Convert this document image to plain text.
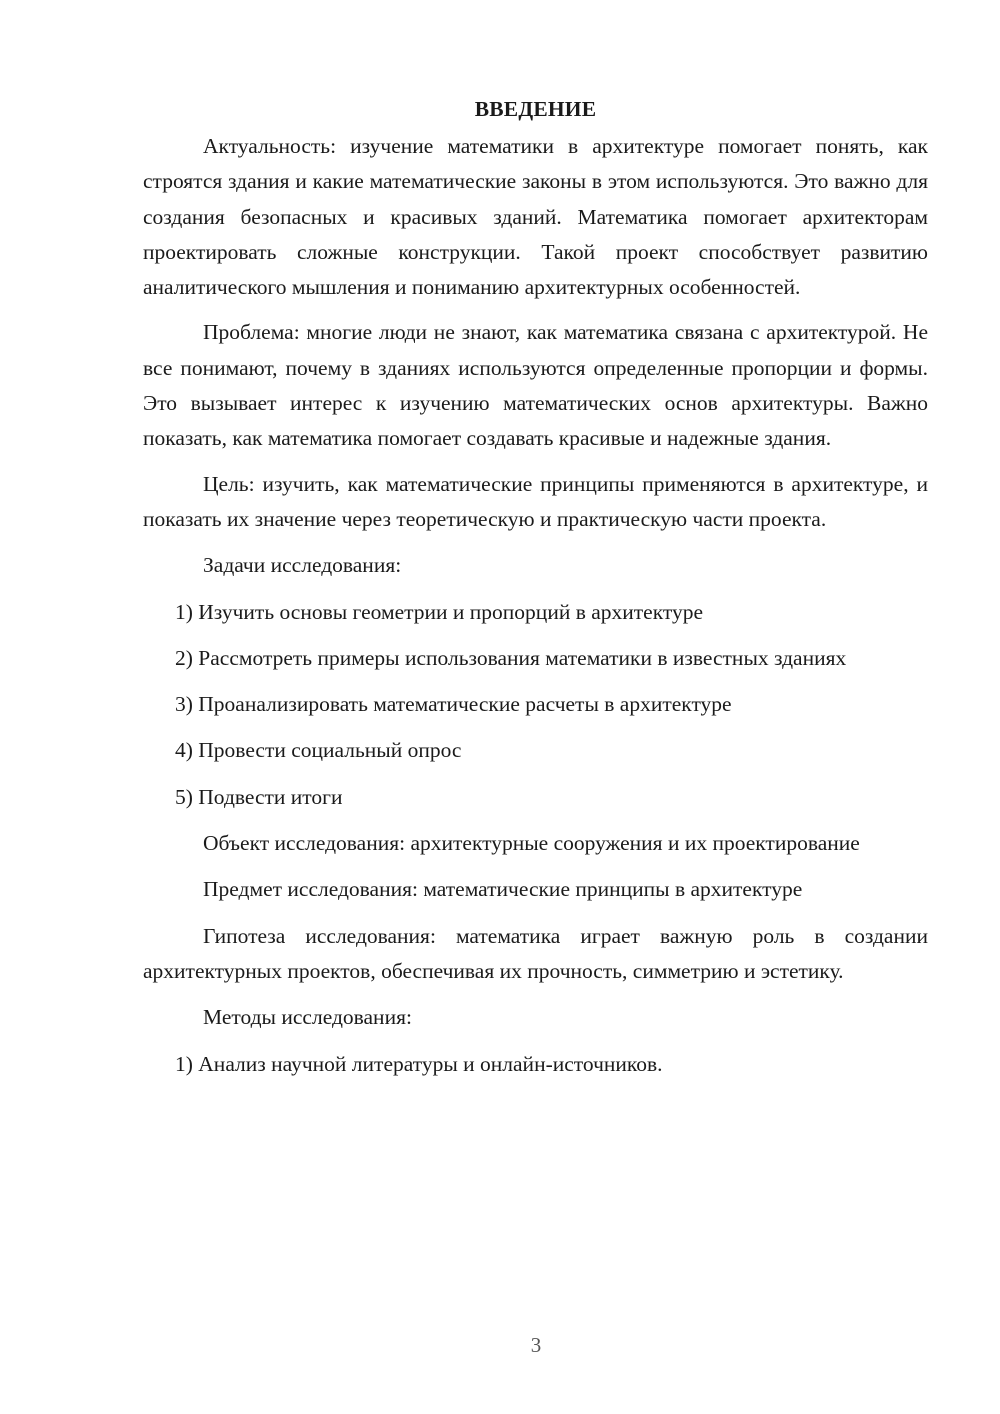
ВВЕДЕНИЕ

Актуальность: изучение математики в архитектуре помогает понять, как строятся здания и какие математические законы в этом используются. Это важно для создания безопасных и красивых зданий. Математика помогает архитекторам проектировать сложные конструкции. Такой проект способствует развитию аналитического мышления и пониманию архитектурных особенностей.

Проблема: многие люди не знают, как математика связана с архитектурой. Не все понимают, почему в зданиях используются определенные пропорции и формы. Это вызывает интерес к изучению математических основ архитектуры. Важно показать, как математика помогает создавать красивые и надежные здания.

Цель: изучить, как математические принципы применяются в архитектуре, и показать их значение через теоретическую и практическую части проекта.

Задачи исследования:

1) Изучить основы геометрии и пропорций в архитектуре

2) Рассмотреть примеры использования математики в известных зданиях

3) Проанализировать математические расчеты в архитектуре

4) Провести социальный опрос

5) Подвести итоги

Объект исследования: архитектурные сооружения и их проектирование

Предмет исследования: математические принципы в архитектуре

Гипотеза исследования: математика играет важную роль в создании архитектурных проектов, обеспечивая их прочность, симметрию и эстетику.

Методы исследования:

1) Анализ научной литературы и онлайн-источников.

3
